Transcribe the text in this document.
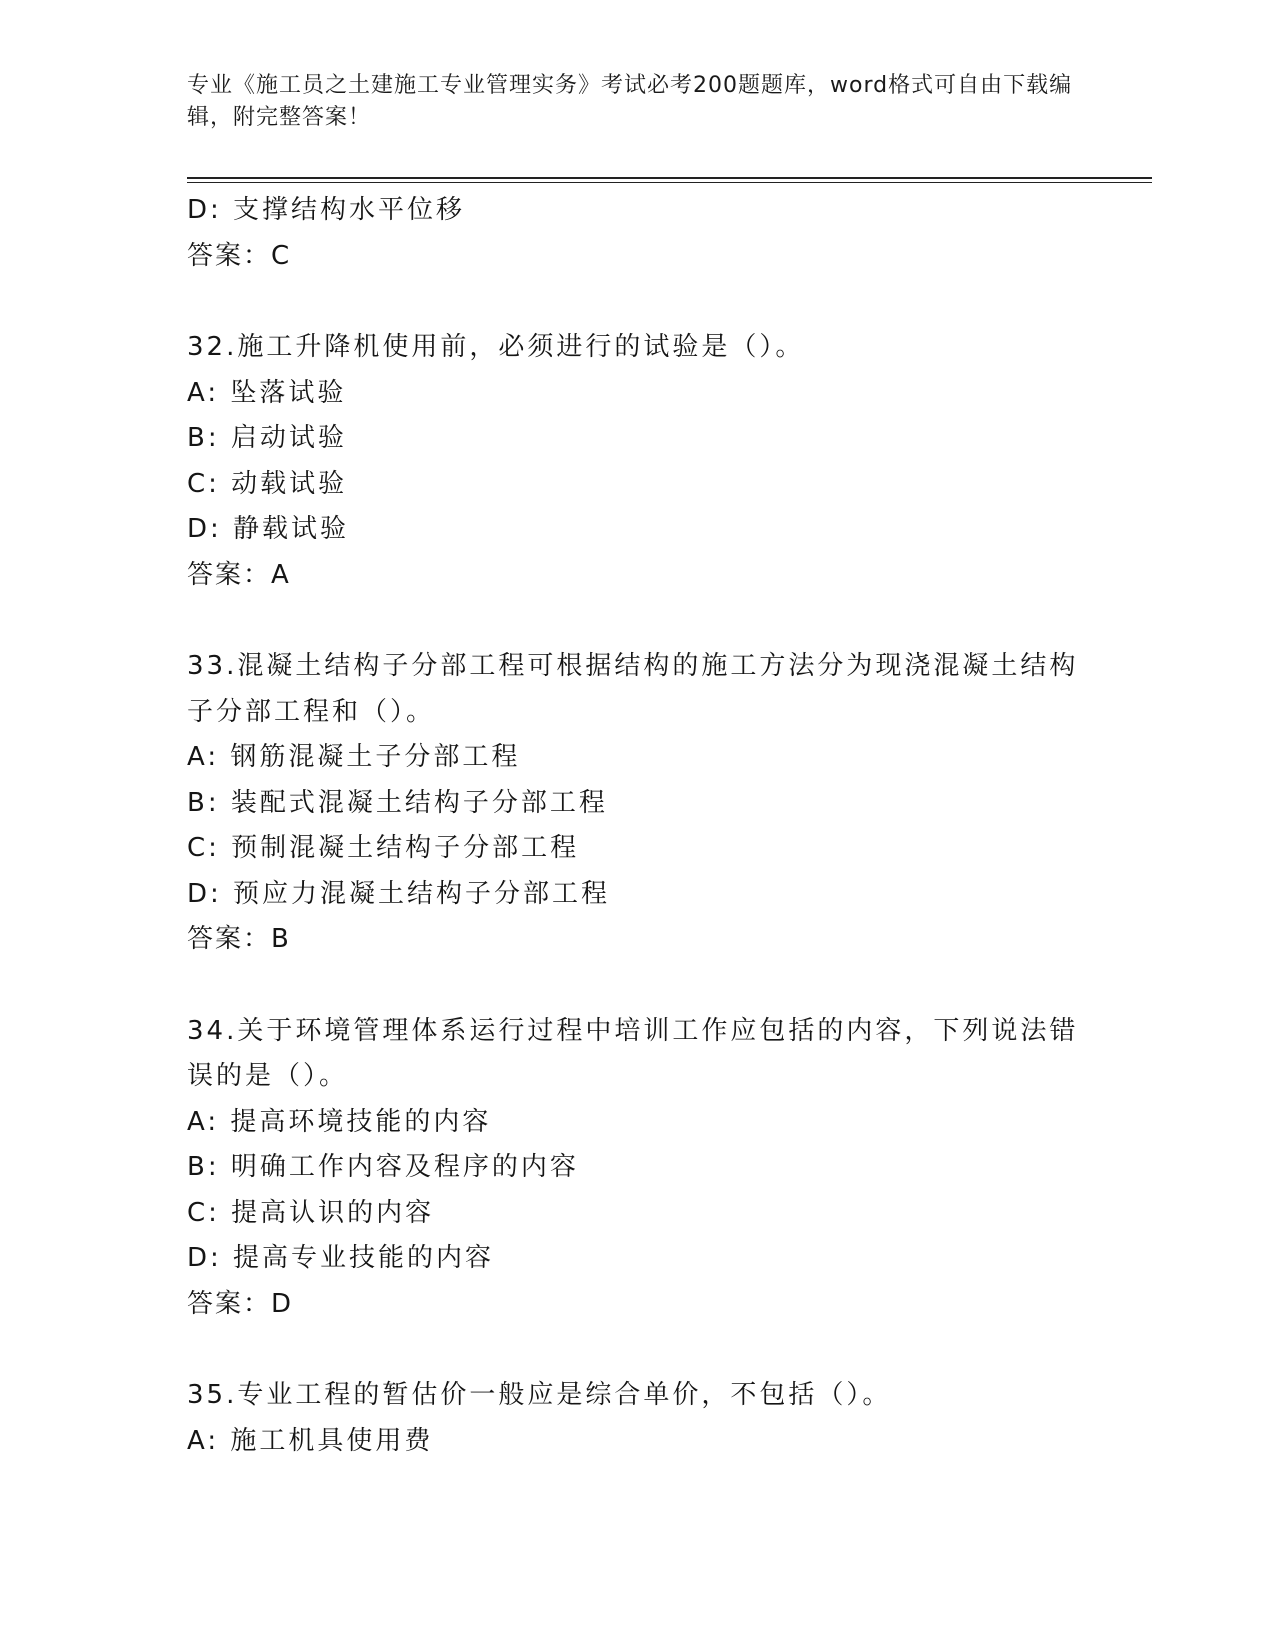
专业《施工员之土建施工专业管理实务》考试必考200题题库，word格式可自由下载编辑，附完整答案！
D: 支撑结构水平位移
答案：C
32.施工升降机使用前，必须进行的试验是（）。
A: 坠落试验
B: 启动试验
C: 动载试验
D: 静载试验
答案：A
33.混凝土结构子分部工程可根据结构的施工方法分为现浇混凝土结构
子分部工程和（）。
A: 钢筋混凝土子分部工程
B: 装配式混凝土结构子分部工程
C: 预制混凝土结构子分部工程
D: 预应力混凝土结构子分部工程
答案：B
34.关于环境管理体系运行过程中培训工作应包括的内容，下列说法错
误的是（）。
A: 提高环境技能的内容
B: 明确工作内容及程序的内容
C: 提高认识的内容
D: 提高专业技能的内容
答案：D
35.专业工程的暂估价一般应是综合单价，不包括（）。
A: 施工机具使用费
